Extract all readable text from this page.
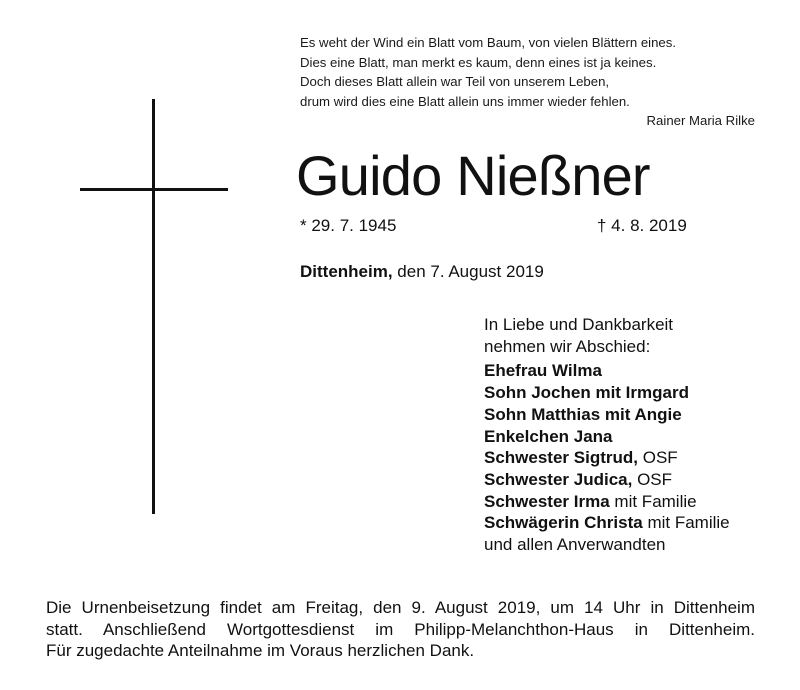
Es weht der Wind ein Blatt vom Baum, von vielen Blättern eines.
Dies eine Blatt, man merkt es kaum, denn eines ist ja keines.
Doch dieses Blatt allein war Teil von unserem Leben,
drum wird dies eine Blatt allein uns immer wieder fehlen.
Rainer Maria Rilke
Guido Nießner
* 29. 7. 1945	† 4. 8. 2019
Dittenheim, den 7. August 2019
In Liebe und Dankbarkeit
nehmen wir Abschied:
Ehefrau Wilma
Sohn Jochen mit Irmgard
Sohn Matthias mit Angie
Enkelchen Jana
Schwester Sigtrud, OSF
Schwester Judica, OSF
Schwester Irma mit Familie
Schwägerin Christa mit Familie
und allen Anverwandten
Die Urnenbeisetzung findet am Freitag, den 9. August 2019, um 14 Uhr in Dittenheim
statt. Anschließend Wortgottesdienst im Philipp-Melanchthon-Haus in Dittenheim.
Für zugedachte Anteilnahme im Voraus herzlichen Dank.
